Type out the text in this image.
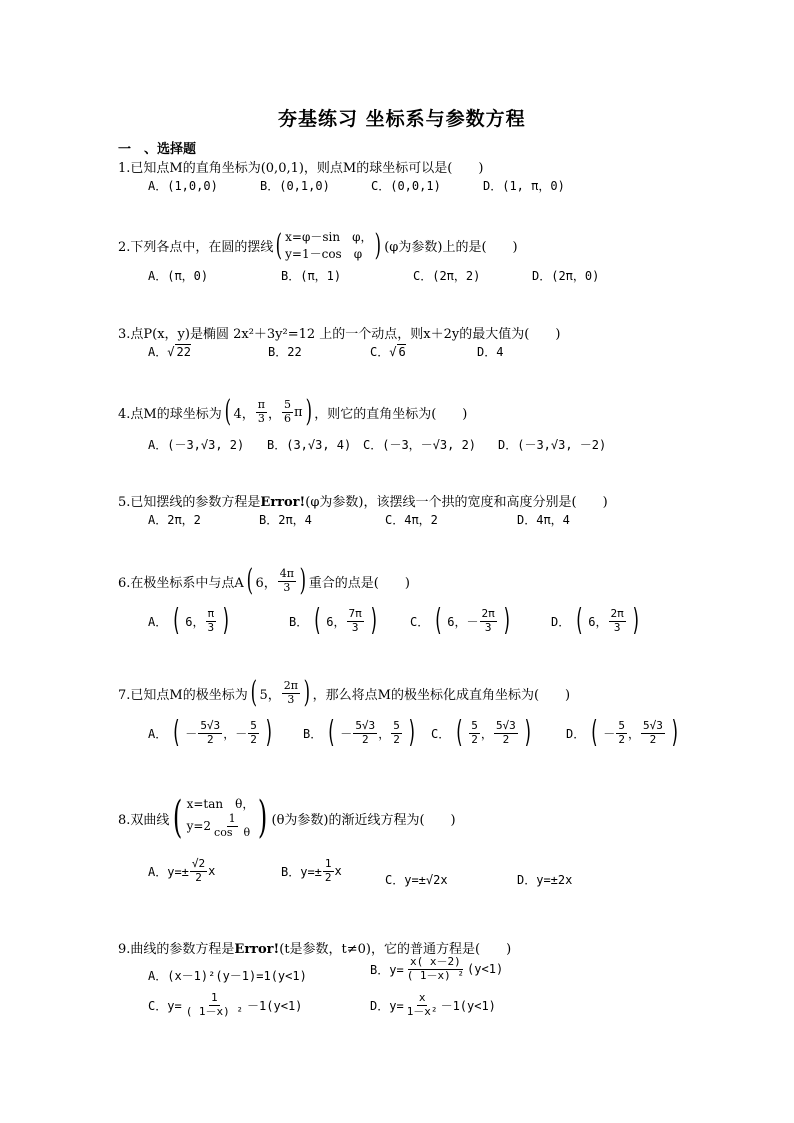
夯基练习 坐标系与参数方程
一　、选择题
1.已知点M的直角坐标为(0,0,1)，则点M的球坐标可以是(　　)
A．(1,0,0)	B．(0,1,0)	C．(0,0,1)	D．(1, π，0)
2.下列各点中，在圆的摆线 ( x=φ－sin　φ，
y=1－cos　φ ) (φ为参数)上的是(　　)
A．(π，0)	B．(π，1)	C．(2π，2)	D．(2π，0)
3.点P(x，y)是椭圆 2x²＋3y²=12 上的一个动点，则x＋2y的最大值为(　　)
A．√ 22	B．22	C．√ 6	D．4
4.点M的球坐标为 ( 4， $\frac{\pi}{3}$ ， $\frac{5}{6}$ π ) ，则它的直角坐标为(　　)
A．(－3,√3, 2) B．(3,√3, 4) C．(－3，－√3, 2) D．(－3,√3, －2)
5.已知摆线的参数方程是Error!(φ为参数)，该摆线一个拱的宽度和高度分别是(　　)
A．2π，2	B．2π，4	C．4π，2	D．4π，4
6.在极坐标系中与点A ( 6， $\frac{4\pi}{3}$ ) 重合的点是(　　)
A． ( 6， $\frac{\pi}{3}$ )	B． ( 6， $\frac{7\pi}{3}$ )	C． ( 6， － $\frac{2\pi}{3}$ )	D． ( 6， $\frac{2\pi}{3}$ )
7.已知点M的极坐标为 ( 5， $\frac{2\pi}{3}$ ) ，那么将点M的极坐标化成直角坐标为(　　)
A． ( － $\frac{5√3}{2}$ ， － $\frac{5}{2}$ ) B． ( － $\frac{5√3}{2}$ ， $\frac{5}{2}$ ) C． ( $\frac{5}{2}$ ， $\frac{5√3}{2}$ )	D． ( － $\frac{5}{2}$ ， $\frac{5√3}{2}$ )
8.双曲线 ( x=tan　θ，
$y=2 \frac{1}{\text{cos　θ}}$ ) (θ为参数)的渐近线方程为(　　)
A．$y=\pm \frac{√2}{2}$ x	B．$y=\pm \frac{1}{2}$ x
C．y=±√2x	D．y=±2x
9.曲线的参数方程是Error!(t是参数，t≠0)，它的普通方程是(　　)
A．(x－1)²(y－1)=1(y<1)	B．$y= \frac{x( x-2)}{\text{( 1－x) ²}} (y<1)$
C．$y= \frac{1}{\text{( 1－x) ²}} -1(y<1)$	D．$y= \frac{x}{\text{1－x²}} -1(y<1)$
